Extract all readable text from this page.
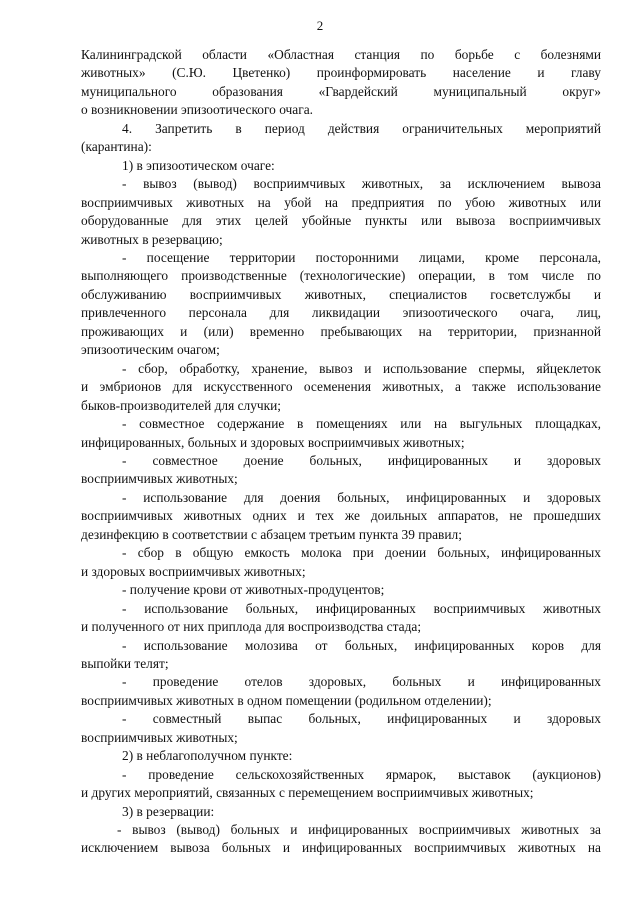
2

Калининградской области «Областная станция по борьбе с болезнями

животных» (С.Ю. Цветенко) проинформировать население и главу

муниципального образования «Гвардейский муниципальный округ»

о возникновении эпизоотического очага.

4. Запретить в период действия ограничительных мероприятий

(карантина):

1) в эпизоотическом очаге:

- вывоз (вывод) восприимчивых животных, за исключением вывоза

восприимчивых животных на убой на предприятия по убою животных или

оборудованные для этих целей убойные пункты или вывоза восприимчивых

животных в резервацию;

- посещение территории посторонними лицами, кроме персонала,

выполняющего производственные (технологические) операции, в том числе по

обслуживанию восприимчивых животных, специалистов госветслужбы и

привлеченного персонала для ликвидации эпизоотического очага, лиц,

проживающих и (или) временно пребывающих на территории, признанной

эпизоотическим очагом;

- сбор, обработку, хранение, вывоз и использование спермы, яйцеклеток

и эмбрионов для искусственного осеменения животных, а также использование

быков-производителей для случки;

- совместное содержание в помещениях или на выгульных площадках,

инфицированных, больных и здоровых восприимчивых животных;

- совместное доение больных, инфицированных и здоровых

восприимчивых животных;

- использование для доения больных, инфицированных и здоровых

восприимчивых животных одних и тех же доильных аппаратов, не прошедших

дезинфекцию в соответствии с абзацем третьим пункта 39 правил;

- сбор в общую емкость молока при доении больных, инфицированных

и здоровых восприимчивых животных;

- получение крови от животных-продуцентов;

- использование больных, инфицированных восприимчивых животных

и полученного от них приплода для воспроизводства стада;

- использование молозива от больных, инфицированных коров для

выпойки телят;

- проведение отелов здоровых, больных и инфицированных

восприимчивых животных в одном помещении (родильном отделении);

- совместный выпас больных, инфицированных и здоровых

восприимчивых животных;

2) в неблагополучном пункте:

- проведение сельскохозяйственных ярмарок, выставок (аукционов)

и других мероприятий, связанных с перемещением восприимчивых животных;

3) в резервации:

- вывоз (вывод) больных и инфицированных восприимчивых животных за

исключением вывоза больных и инфицированных восприимчивых животных на
